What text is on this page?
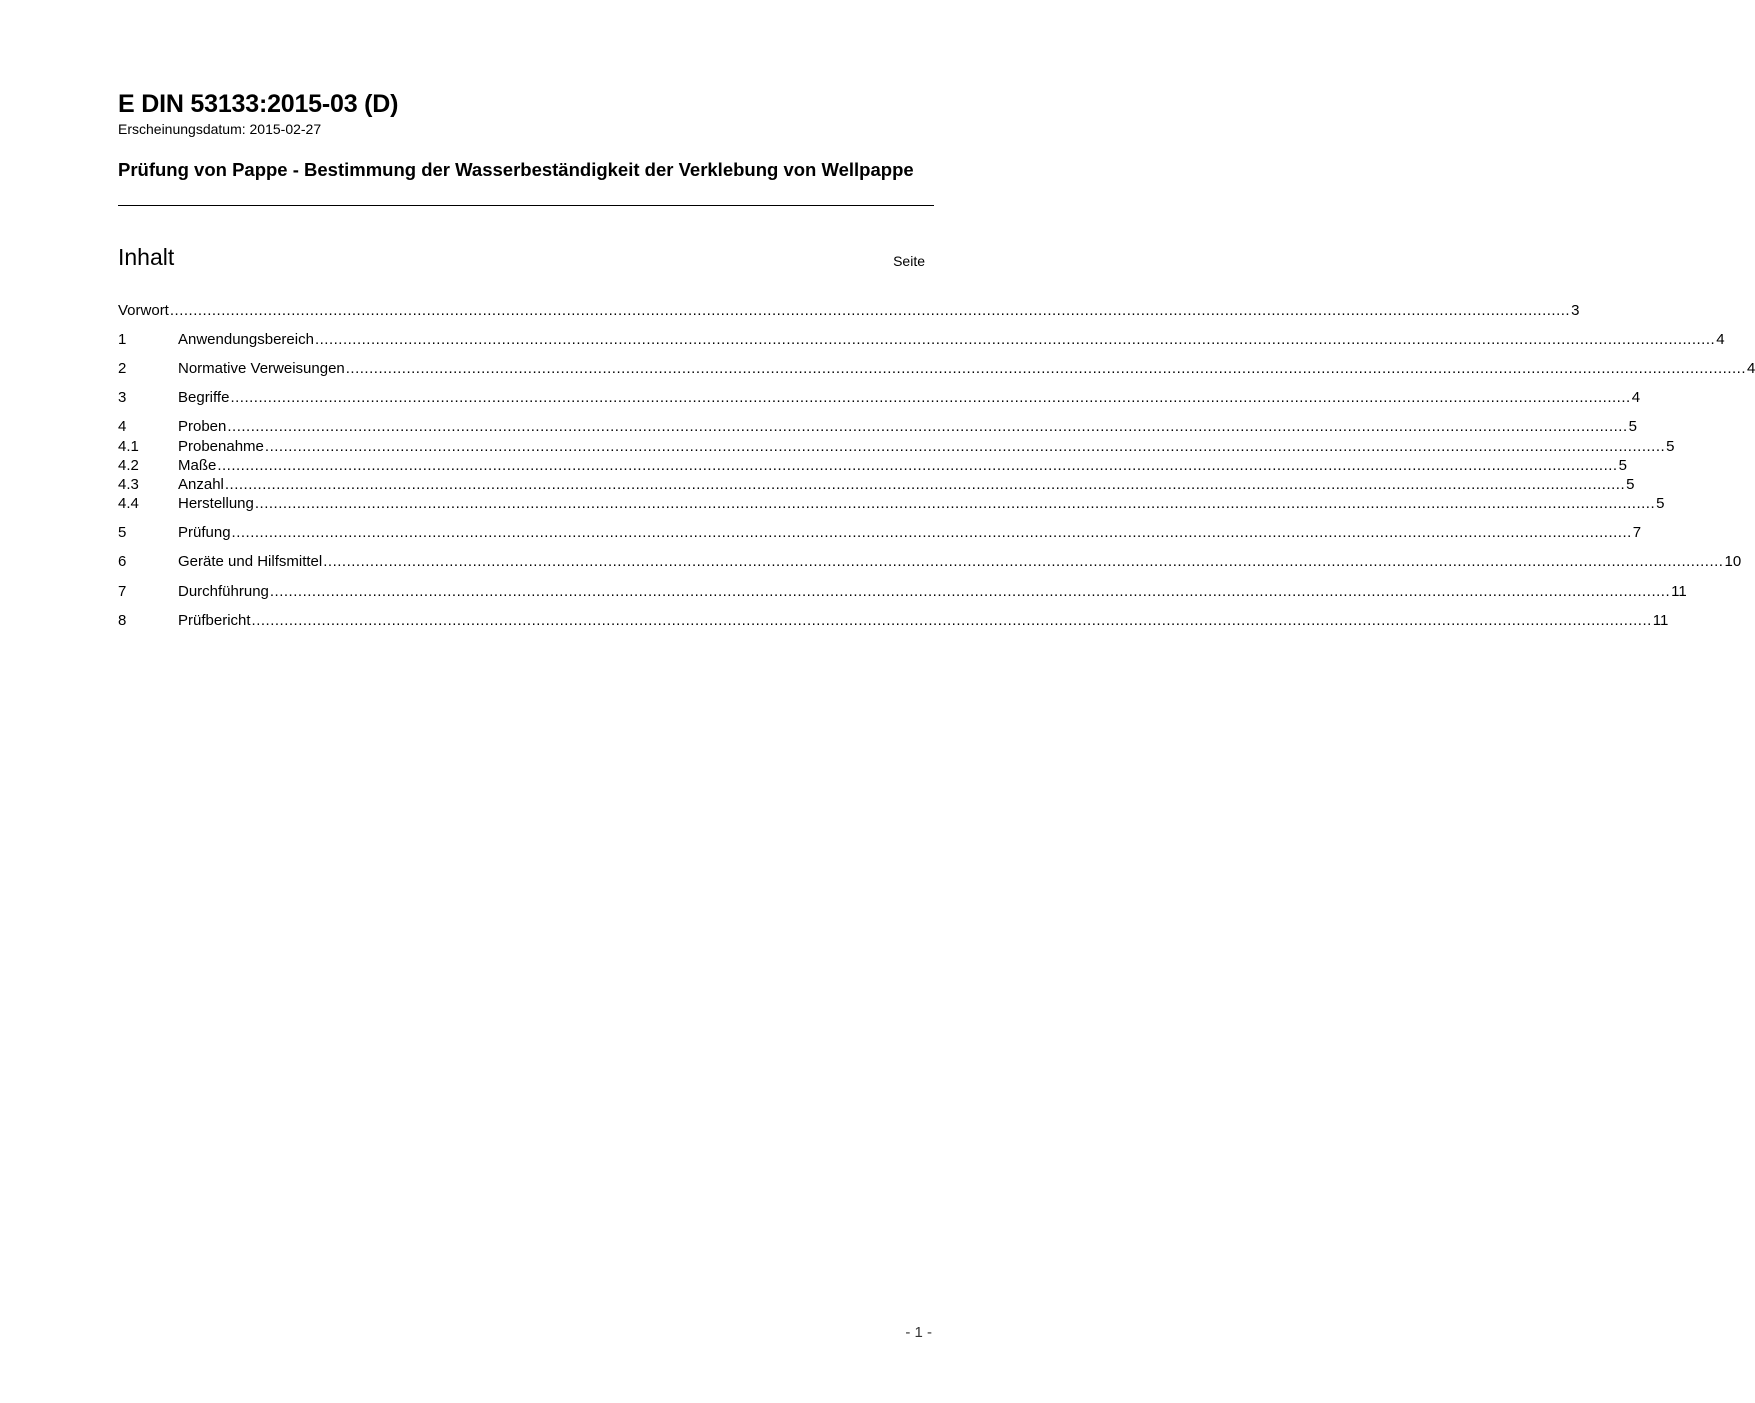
E DIN 53133:2015-03 (D)
Erscheinungsdatum: 2015-02-27
Prüfung von Pappe - Bestimmung der Wasserbeständigkeit der Verklebung von Wellpappe
Inhalt	Seite
Vorwort ............................................................................................................................................................................................................................................................................................................ 3
1	Anwendungsbereich ............................................................................................................................................................................................................................................................................................................ 4
2	Normative Verweisungen ............................................................................................................................................................................................................................................................................................................ 4
3	Begriffe ............................................................................................................................................................................................................................................................................................................ 4
4	Proben ............................................................................................................................................................................................................................................................................................................ 5
4.1	Probenahme ............................................................................................................................................................................................................................................................................................................ 5
4.2	Maße ............................................................................................................................................................................................................................................................................................................ 5
4.3	Anzahl ............................................................................................................................................................................................................................................................................................................ 5
4.4	Herstellung ............................................................................................................................................................................................................................................................................................................ 5
5	Prüfung ............................................................................................................................................................................................................................................................................................................ 7
6	Geräte und Hilfsmittel ............................................................................................................................................................................................................................................................................................................ 10
7	Durchführung ............................................................................................................................................................................................................................................................................................................ 11
8	Prüfbericht ............................................................................................................................................................................................................................................................................................................ 11
- 1 -
